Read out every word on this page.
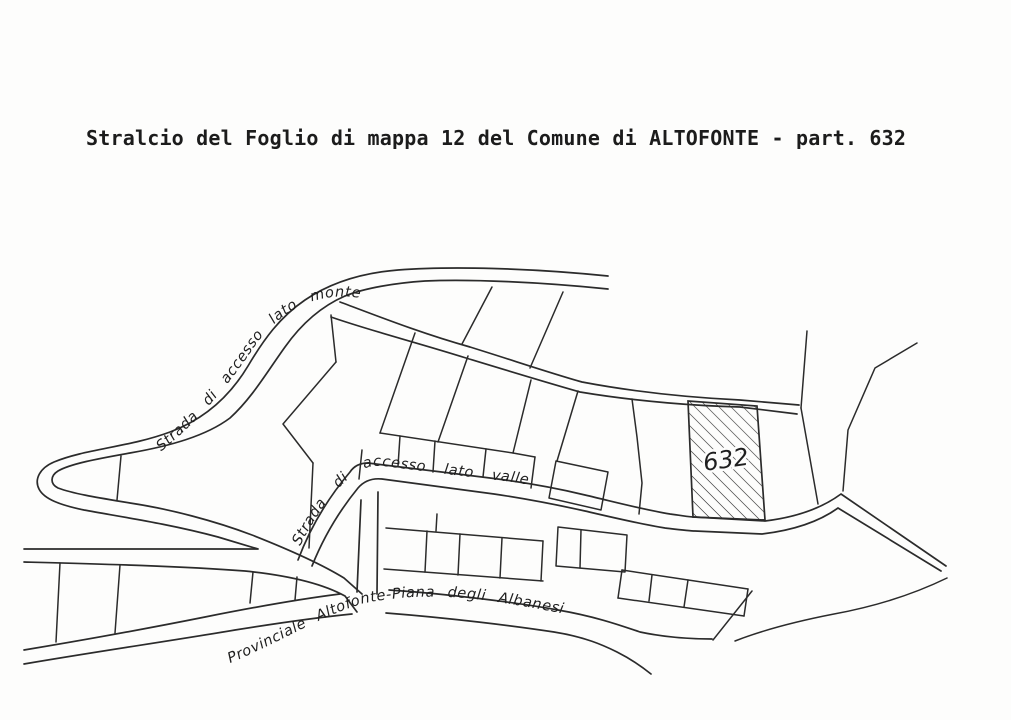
Stralcio del Foglio di mappa 12 del Comune di ALTOFONTE - part. 632
632
Strada di accesso lato monte
Strada di accesso lato valle
Provinciale Altofonte-Piana degli Albanesi
